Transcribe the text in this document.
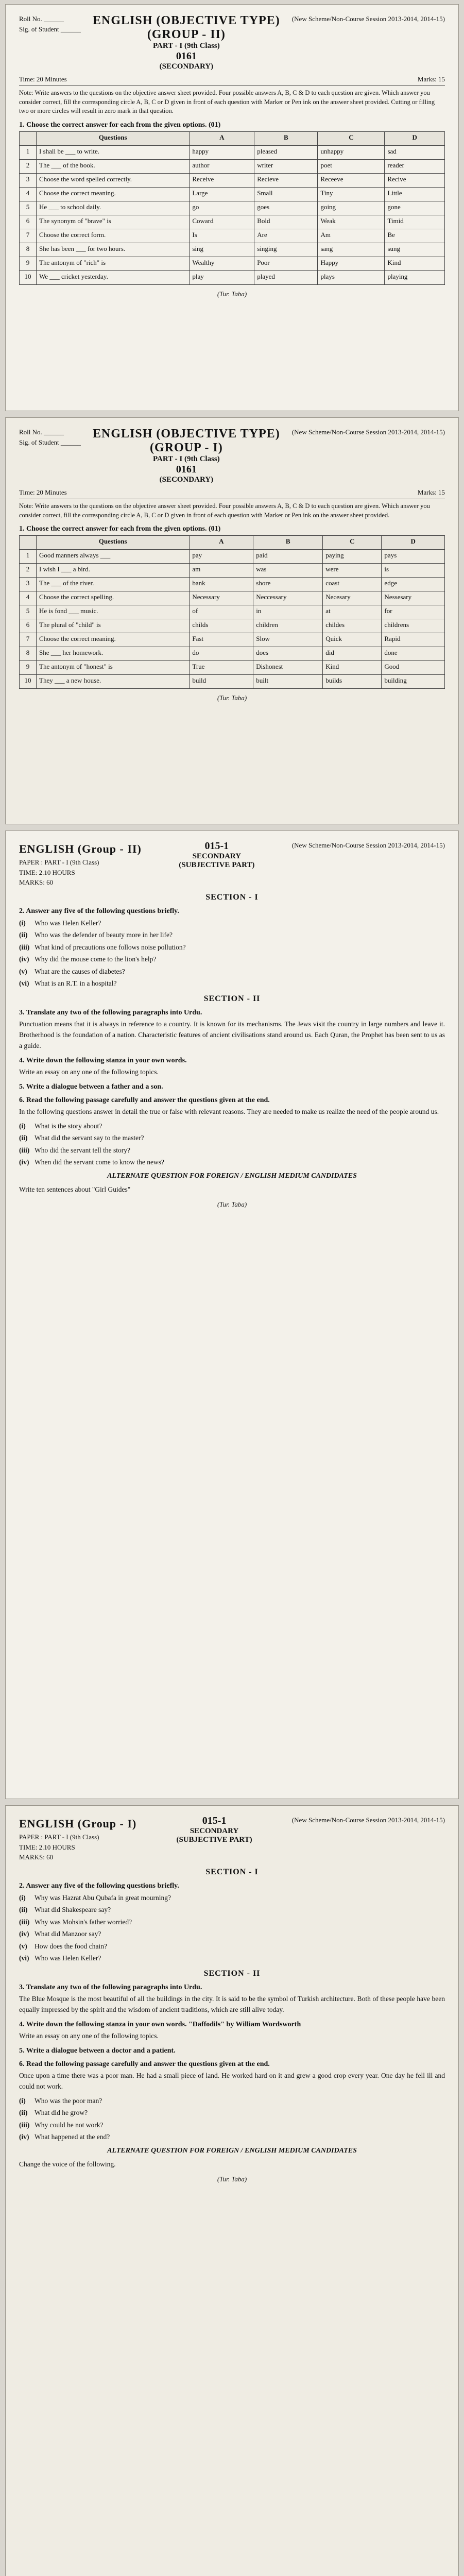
Roll No. ______
Sig. of Student ______
ENGLISH (OBJECTIVE TYPE) (GROUP - II)
PART - I (9th Class)
0161
(SECONDARY)
(New Scheme/Non-Course Session 2013-2014, 2014-15)
Time: 20 Minutes	Marks: 15
Note: Write answers to the questions on the objective answer sheet provided. Four possible answers A, B, C & D to each question are given. Which answer you consider correct, fill the corresponding circle A, B, C or D given in front of each question with Marker or Pen ink on the answer sheet provided. Cutting or filling two or more circles will result in zero mark in that question.
1. Choose the correct answer for each from the given options. (01)
	Questions	A	B	C	D
1	I shall be ___ to write.	happy	pleased	unhappy	sad
2	The ___ of the book.	author	writer	poet	reader
3	Choose the word spelled correctly.	Receive	Recieve	Receeve	Recive
4	Choose the correct meaning.	Large	Small	Tiny	Little
5	He ___ to school daily.	go	goes	going	gone
6	The synonym of "brave" is	Coward	Bold	Weak	Timid
7	Choose the correct form.	Is	Are	Am	Be
8	She has been ___ for two hours.	sing	singing	sang	sung
9	The antonym of "rich" is	Wealthy	Poor	Happy	Kind
10	We ___ cricket yesterday.	play	played	plays	playing
(Tur. Taba)
Roll No. ______
Sig. of Student ______
ENGLISH (OBJECTIVE TYPE) (GROUP - I)
PART - I (9th Class)
0161
(SECONDARY)
(New Scheme/Non-Course Session 2013-2014, 2014-15)
Time: 20 Minutes	Marks: 15
Note: Write answers to the questions on the objective answer sheet provided. Four possible answers A, B, C & D to each question are given. Which answer you consider correct, fill the corresponding circle A, B, C or D given in front of each question with Marker or Pen ink on the answer sheet provided.
1. Choose the correct answer for each from the given options. (01)
	Questions	A	B	C	D
1	Good manners always ___	pay	paid	paying	pays
2	I wish I ___ a bird.	am	was	were	is
3	The ___ of the river.	bank	shore	coast	edge
4	Choose the correct spelling.	Necessary	Neccessary	Necesary	Nessesary
5	He is fond ___ music.	of	in	at	for
6	The plural of "child" is	childs	children	childes	childrens
7	Choose the correct meaning.	Fast	Slow	Quick	Rapid
8	She ___ her homework.	do	does	did	done
9	The antonym of "honest" is	True	Dishonest	Kind	Good
10	They ___ a new house.	build	built	builds	building
(Tur. Taba)
ENGLISH (Group - II)
PAPER : PART - I (9th Class)
TIME: 2.10 HOURS
MARKS: 60
015-1
SECONDARY
(SUBJECTIVE PART)
(New Scheme/Non-Course Session 2013-2014, 2014-15)
SECTION - I
2. Answer any five of the following questions briefly.
(i)	Who was Helen Keller?
(ii)	Who was the defender of beauty more in her life?
(iii) What kind of precautions one follows noise pollution?
(iv) Why did the mouse come to the lion's help?
(v)	What are the causes of diabetes?
(vi) What is an R.T. in a hospital?
SECTION - II
3. Translate any two of the following paragraphs into Urdu.
Punctuation means that it is always in reference to a country. It is known for its mechanisms. The Jews visit the country in large numbers and leave it. Brotherhood is the foundation of a nation. Characteristic features of ancient civilisations stand around us. Each Quran, the Prophet has been sent to us as a guide.
4. Write down the following stanza in your own words.
Write an essay on any one of the following topics.
5. Write a dialogue between a father and a son.
6. Read the following passage carefully and answer the questions given at the end.
In the following questions answer in detail the true or false with relevant reasons. They are needed to make us realize the need of the people around us.
(i)	What is the story about?
(ii)	What did the servant say to the master?
(iii) Who did the servant tell the story?
(iv) When did the servant come to know the news?
ALTERNATE QUESTION FOR FOREIGN / ENGLISH MEDIUM CANDIDATES
Write ten sentences about "Girl Guides"
(Tur. Taba)
ENGLISH (Group - I)
PAPER : PART - I (9th Class)
TIME: 2.10 HOURS
MARKS: 60
015-1
SECONDARY
(SUBJECTIVE PART)
(New Scheme/Non-Course Session 2013-2014, 2014-15)
SECTION - I
2. Answer any five of the following questions briefly.
(i)	Why was Hazrat Abu Qubafa in great mourning?
(ii)	What did Shakespeare say?
(iii) Why was Mohsin's father worried?
(iv) What did Manzoor say?
(v)	How does the food chain?
(vi) Who was Helen Keller?
SECTION - II
3. Translate any two of the following paragraphs into Urdu.
The Blue Mosque is the most beautiful of all the buildings in the city. It is said to be the symbol of Turkish architecture. Both of these people have been equally impressed by the spirit and the wisdom of ancient traditions, which are still alive today.
4. Write down the following stanza in your own words. "Daffodils" by William Wordsworth
Write an essay on any one of the following topics.
5. Write a dialogue between a doctor and a patient.
6. Read the following passage carefully and answer the questions given at the end.
Once upon a time there was a poor man. He had a small piece of land. He worked hard on it and grew a good crop every year. One day he fell ill and could not work.
(i)	Who was the poor man?
(ii)	What did he grow?
(iii) Why could he not work?
(iv) What happened at the end?
ALTERNATE QUESTION FOR FOREIGN / ENGLISH MEDIUM CANDIDATES
Change the voice of the following.
(Tur. Taba)
